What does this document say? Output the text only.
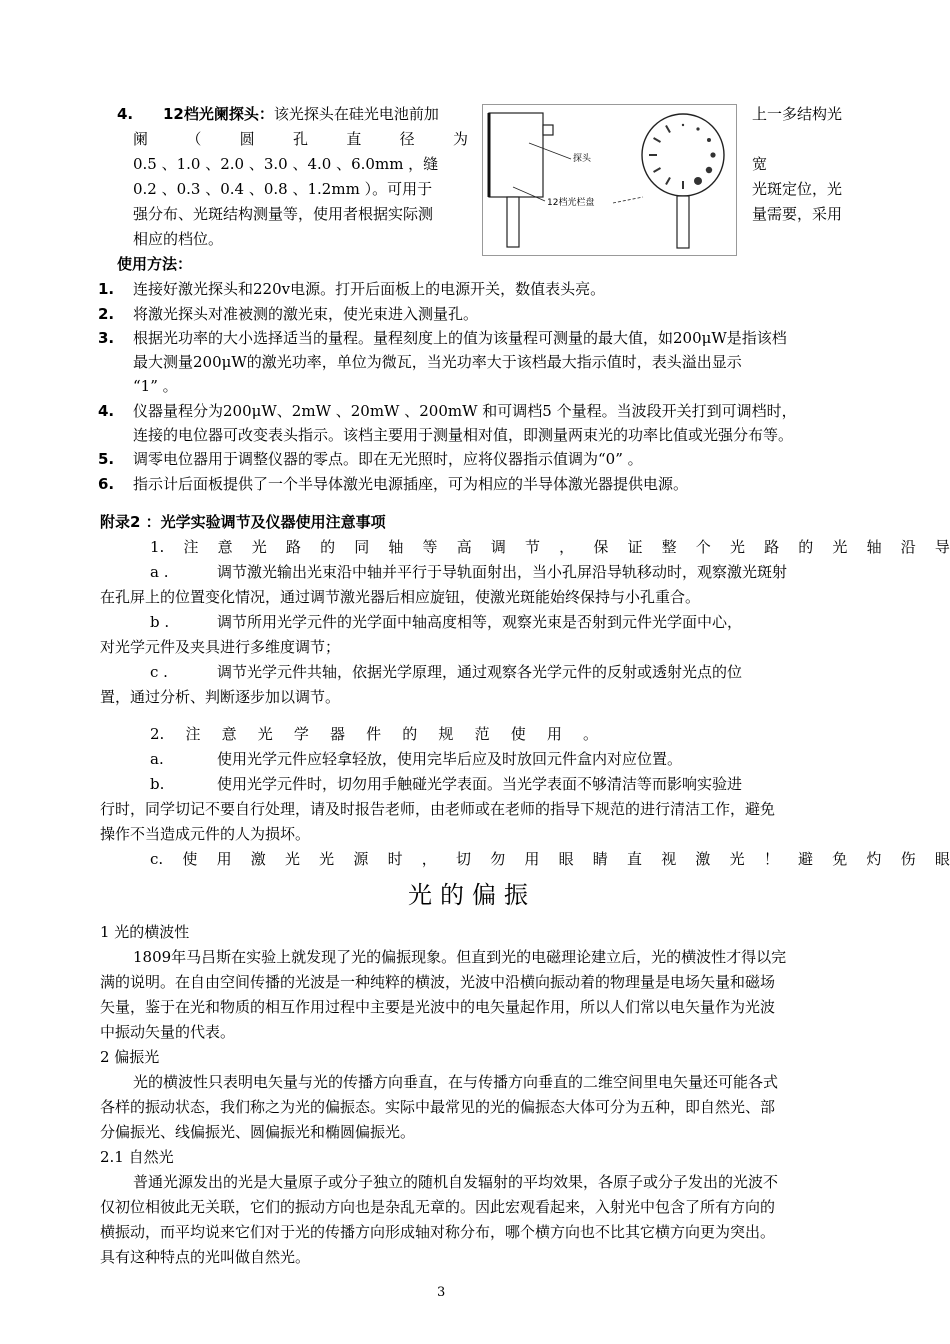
4. 12档光阑探头：该光探头在硅光电池前加	上一多结构光
阑	（	圆	孔	直	径	为
0.5 、1.0 、2.0 、3.0 、4.0 、6.0mm ，缝	宽
0.2 、0.3 、0.4 、0.8 、1.2mm ）。可用于	光斑定位，光
强分布、光斑结构测量等，使用者根据实际测	量需要，采用
相应的档位。
探头
12档光栏盘
使用方法：
1. 连接好激光探头和220v电源。打开后面板上的电源开关，数值表头亮。
2. 将激光探头对准被测的激光束，使光束进入测量孔。
3. 根据光功率的大小选择适当的量程。量程刻度上的值为该量程可测量的最大值，如200μW是指该档
最大测量200μW的激光功率，单位为微瓦，当光功率大于该档最大指示值时，表头溢出显示
“1” 。
4. 仪器量程分为200μW、2mW 、20mW 、200mW 和可调档5 个量程。当波段开关打到可调档时，
连接的电位器可改变表头指示。该档主要用于测量相对值，即测量两束光的功率比值或光强分布等。
5. 调零电位器用于调整仪器的零点。即在无光照时，应将仪器指示值调为“0” 。
6. 指示计后面板提供了一个半导体激光电源插座，可为相应的半导体激光器提供电源。
附录2 ：光学实验调节及仪器使用注意事项
1. 注 意 光 路 的 同 轴 等 高 调 节 ， 保 证 整 个 光 路 的 光 轴 沿 导
a .	调节激光输出光束沿中轴并平行于导轨面射出，当小孔屏沿导轨移动时，观察激光斑射
在孔屏上的位置变化情况，通过调节激光器后相应旋钮，使激光斑能始终保持与小孔重合。
b .	调节所用光学元件的光学面中轴高度相等，观察光束是否射到元件光学面中心，
对光学元件及夹具进行多维度调节；
c .	调节光学元件共轴，依据光学原理，通过观察各光学元件的反射或透射光点的位
置，通过分析、判断逐步加以调节。
2. 注 意 光 学 器 件 的 规 范 使 用 。
a.	使用光学元件应轻拿轻放，使用完毕后应及时放回元件盒内对应位置。
b.	使用光学元件时，切勿用手触碰光学表面。当光学表面不够清洁等而影响实验进
行时，同学切记不要自行处理，请及时报告老师，由老师或在老师的指导下规范的进行清洁工作，避免
操作不当造成元件的人为损坏。
c. 使 用 激 光 光 源 时 ， 切 勿 用 眼 睛 直 视 激 光 ！ 避 免 灼 伤 眼
光的偏振
1 光的横波性
1809年马吕斯在实验上就发现了光的偏振现象。但直到光的电磁理论建立后，光的横波性才得以完
满的说明。在自由空间传播的光波是一种纯粹的横波，光波中沿横向振动着的物理量是电场矢量和磁场
矢量，鉴于在光和物质的相互作用过程中主要是光波中的电矢量起作用，所以人们常以电矢量作为光波
中振动矢量的代表。
2 偏振光
光的横波性只表明电矢量与光的传播方向垂直，在与传播方向垂直的二维空间里电矢量还可能各式
各样的振动状态，我们称之为光的偏振态。实际中最常见的光的偏振态大体可分为五种，即自然光、部
分偏振光、线偏振光、圆偏振光和椭圆偏振光。
2.1 自然光
普通光源发出的光是大量原子或分子独立的随机自发辐射的平均效果，各原子或分子发出的光波不
仅初位相彼此无关联，它们的振动方向也是杂乱无章的。因此宏观看起来，入射光中包含了所有方向的
横振动，而平均说来它们对于光的传播方向形成轴对称分布，哪个横方向也不比其它横方向更为突出。
具有这种特点的光叫做自然光。
3
